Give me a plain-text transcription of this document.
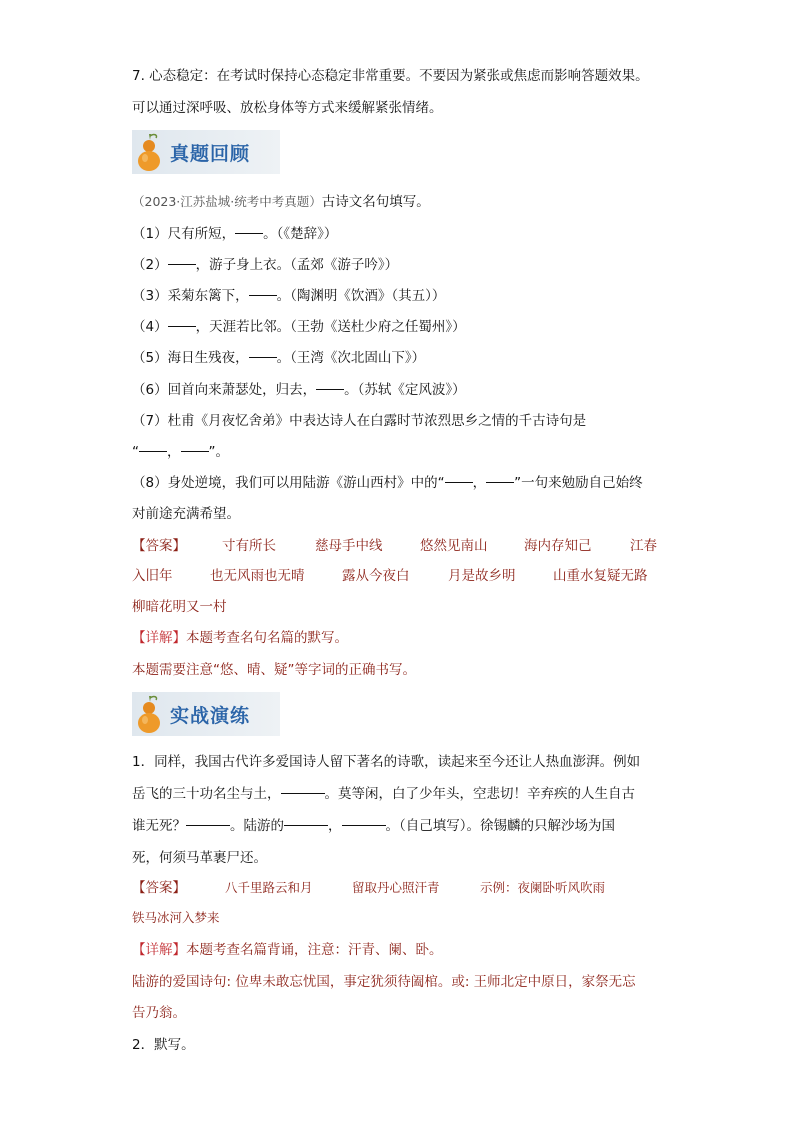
7. 心态稳定：在考试时保持心态稳定非常重要。不要因为紧张或焦虑而影响答题效果。
可以通过深呼吸、放松身体等方式来缓解紧张情绪。
真题回顾
（2023·江苏盐城·统考中考真题）古诗文名句填写。
（1）尺有所短， 。（《楚辞》）
（2） ，游子身上衣。（孟郊《游子吟》）
（3）采菊东篱下， 。（陶渊明《饮酒》（其五））
（4） ，天涯若比邻。（王勃《送杜少府之任蜀州》）
（5）海日生残夜， 。（王湾《次北固山下》）
（6）回首向来萧瑟处，归去， 。（苏轼《定风波》）
（7）杜甫《月夜忆舍弟》中表达诗人在白露时节浓烈思乡之情的千古诗句是
“ ， ”。
（8）身处逆境，我们可以用陆游《游山西村》中的“ ， ”一句来勉励自己始终
对前途充满希望。
【答案】	寸有所长	慈母手中线	悠然见南山	海内存知己	江春
入旧年	也无风雨也无晴	露从今夜白	月是故乡明	山重水复疑无路
柳暗花明又一村
【详解】本题考查名句名篇的默写。
本题需要注意“悠、晴、疑”等字词的正确书写。
实战演练
1．同样，我国古代许多爱国诗人留下著名的诗歌，读起来至今还让人热血澎湃。例如
岳飞的三十功名尘与土，	。莫等闲，白了少年头，空悲切！辛弃疾的人生自古
谁无死？	。陆游的	，	。（自己填写）。徐锡麟的只解沙场为国
死，何须马革裹尸还。
【答案】	八千里路云和月	留取丹心照汗青	示例：夜阑卧听风吹雨
铁马冰河入梦来
【详解】本题考查名篇背诵，注意：汗青、阑、卧。
陆游的爱国诗句: 位卑未敢忘忧国，事定犹须待阖棺。或: 王师北定中原日，家祭无忘
告乃翁。
2．默写。
